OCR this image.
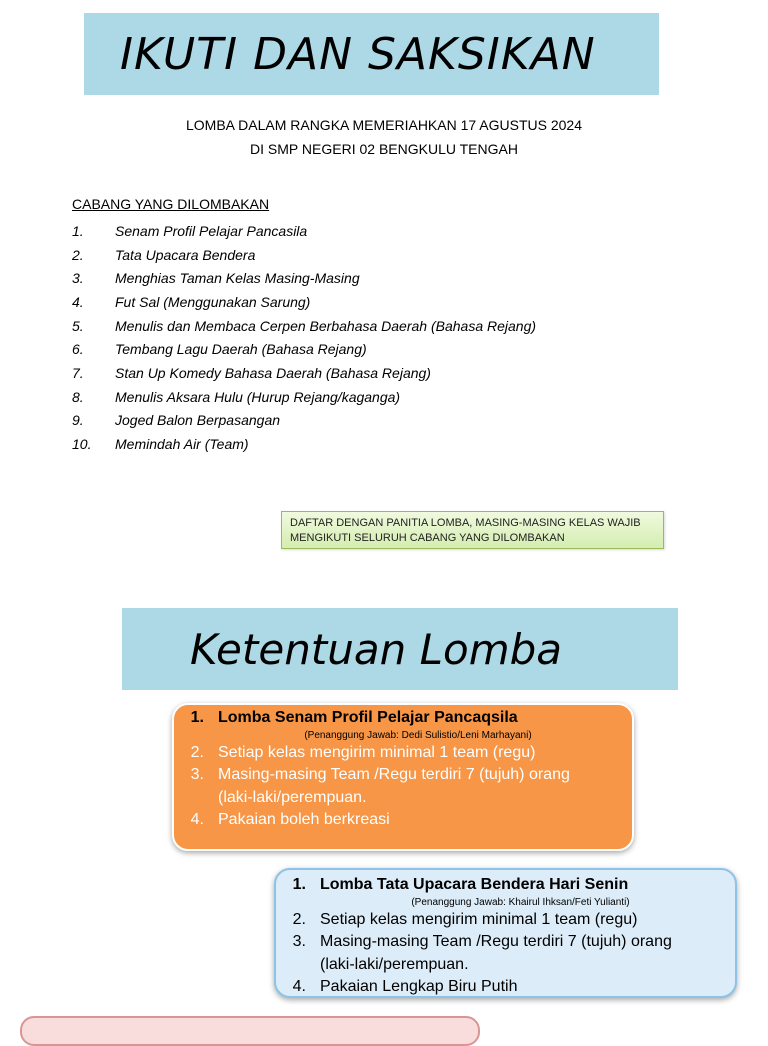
IKUTI DAN SAKSIKAN
LOMBA DALAM RANGKA MEMERIAHKAN 17 AGUSTUS 2024
DI SMP NEGERI 02 BENGKULU TENGAH
CABANG YANG DILOMBAKAN
1.	Senam Profil Pelajar Pancasila
2.	Tata Upacara Bendera
3.	Menghias Taman Kelas Masing-Masing
4.	Fut Sal (Menggunakan Sarung)
5.	Menulis dan Membaca Cerpen Berbahasa Daerah (Bahasa Rejang)
6.	Tembang Lagu Daerah (Bahasa Rejang)
7.	Stan Up Komedy Bahasa Daerah (Bahasa Rejang)
8.	Menulis Aksara Hulu (Hurup Rejang/kaganga)
9.	Joged Balon Berpasangan
10.	Memindah Air (Team)
DAFTAR DENGAN PANITIA LOMBA, MASING-MASING KELAS WAJIB MENGIKUTI SELURUH CABANG YANG DILOMBAKAN
Ketentuan Lomba
1. Lomba Senam Profil Pelajar Pancaqsila
(Penanggung Jawab: Dedi Sulistio/Leni Marhayani)
2. Setiap kelas mengirim minimal 1 team (regu)
3. Masing-masing Team /Regu terdiri 7 (tujuh) orang
(laki-laki/perempuan.
4. Pakaian boleh berkreasi
1. Lomba Tata Upacara Bendera Hari Senin
(Penanggung Jawab: Khairul Ihksan/Feti Yulianti)
2. Setiap kelas mengirim minimal 1 team (regu)
3. Masing-masing Team /Regu terdiri 7 (tujuh) orang
(laki-laki/perempuan.
4. Pakaian Lengkap Biru Putih
